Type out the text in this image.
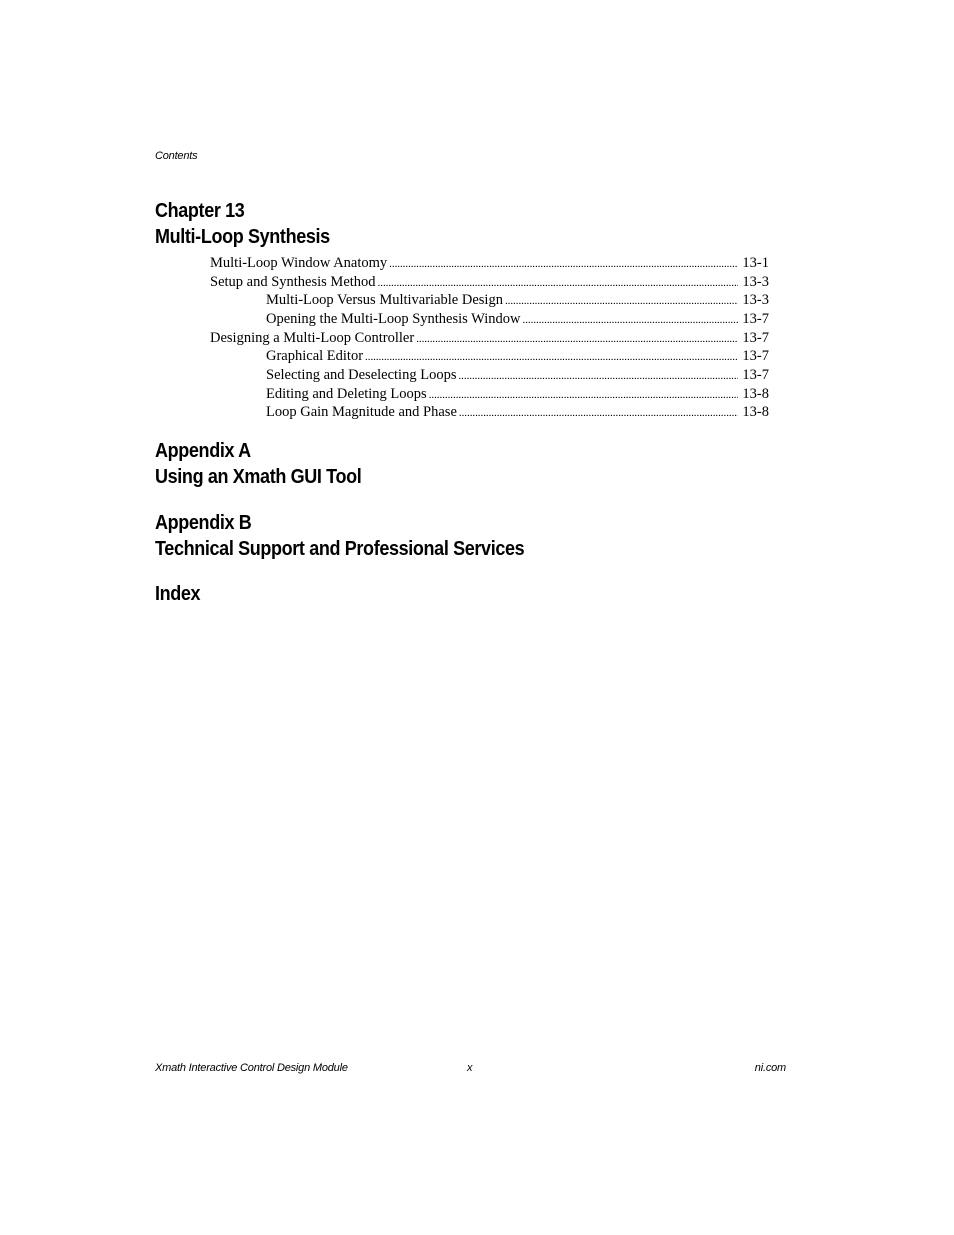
Contents
Chapter 13
Multi-Loop Synthesis
Multi-Loop Window Anatomy . . .	13-1
Setup and Synthesis Method . . .	13-3
Multi-Loop Versus Multivariable Design . . .	13-3
Opening the Multi-Loop Synthesis Window . . .	13-7
Designing a Multi-Loop Controller . . .	13-7
Graphical Editor . . .	13-7
Selecting and Deselecting Loops . . .	13-7
Editing and Deleting Loops . . .	13-8
Loop Gain Magnitude and Phase . . .	13-8
Appendix A
Using an Xmath GUI Tool
Appendix B
Technical Support and Professional Services
Index
Xmath Interactive Control Design Module	x	ni.com
